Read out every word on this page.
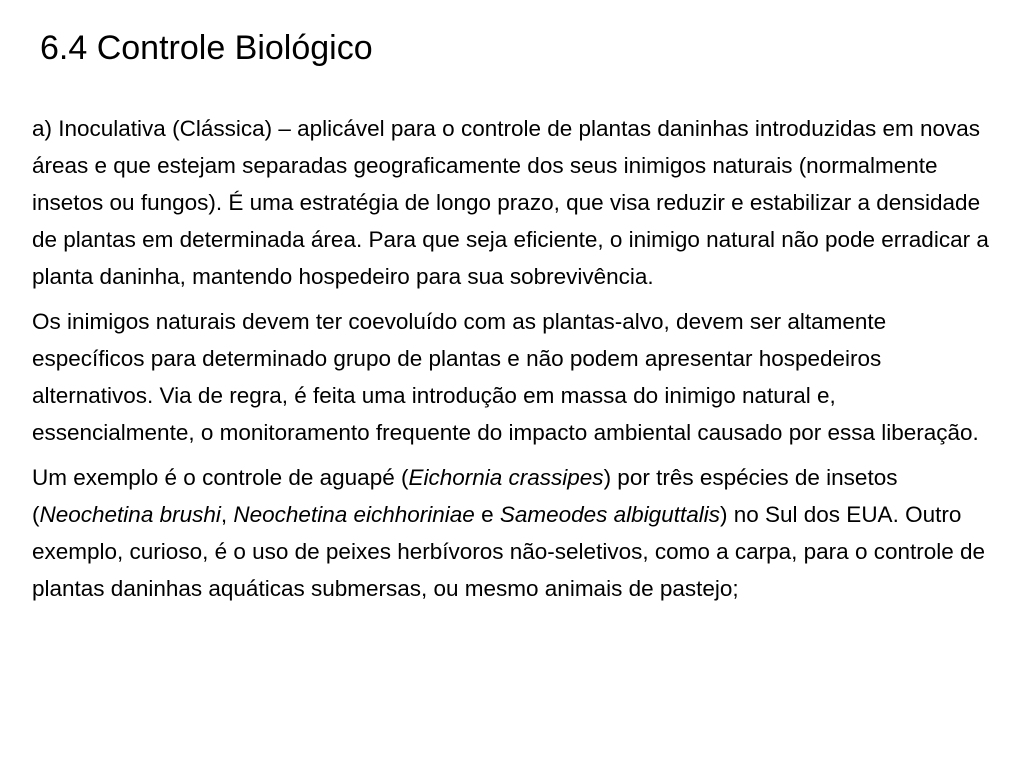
6.4 Controle Biológico

a) Inoculativa (Clássica) – aplicável para o controle de plantas daninhas introduzidas em novas áreas e que estejam separadas geograficamente dos seus inimigos naturais (normalmente insetos ou fungos). É uma estratégia de longo prazo, que visa reduzir e estabilizar a densidade de plantas em determinada área. Para que seja eficiente, o inimigo natural não pode erradicar a planta daninha, mantendo hospedeiro para sua sobrevivência.

Os inimigos naturais devem ter coevoluído com as plantas-alvo, devem ser altamente específicos para determinado grupo de plantas e não podem apresentar hospedeiros alternativos. Via de regra, é feita uma introdução em massa do inimigo natural e, essencialmente, o monitoramento frequente do impacto ambiental causado por essa liberação.

Um exemplo é o controle de aguapé (Eichornia crassipes) por três espécies de insetos (Neochetina brushi, Neochetina eichhoriniae e Sameodes albiguttalis) no Sul dos EUA. Outro exemplo, curioso, é o uso de peixes herbívoros não-seletivos, como a carpa, para o controle de plantas daninhas aquáticas submersas, ou mesmo animais de pastejo;
